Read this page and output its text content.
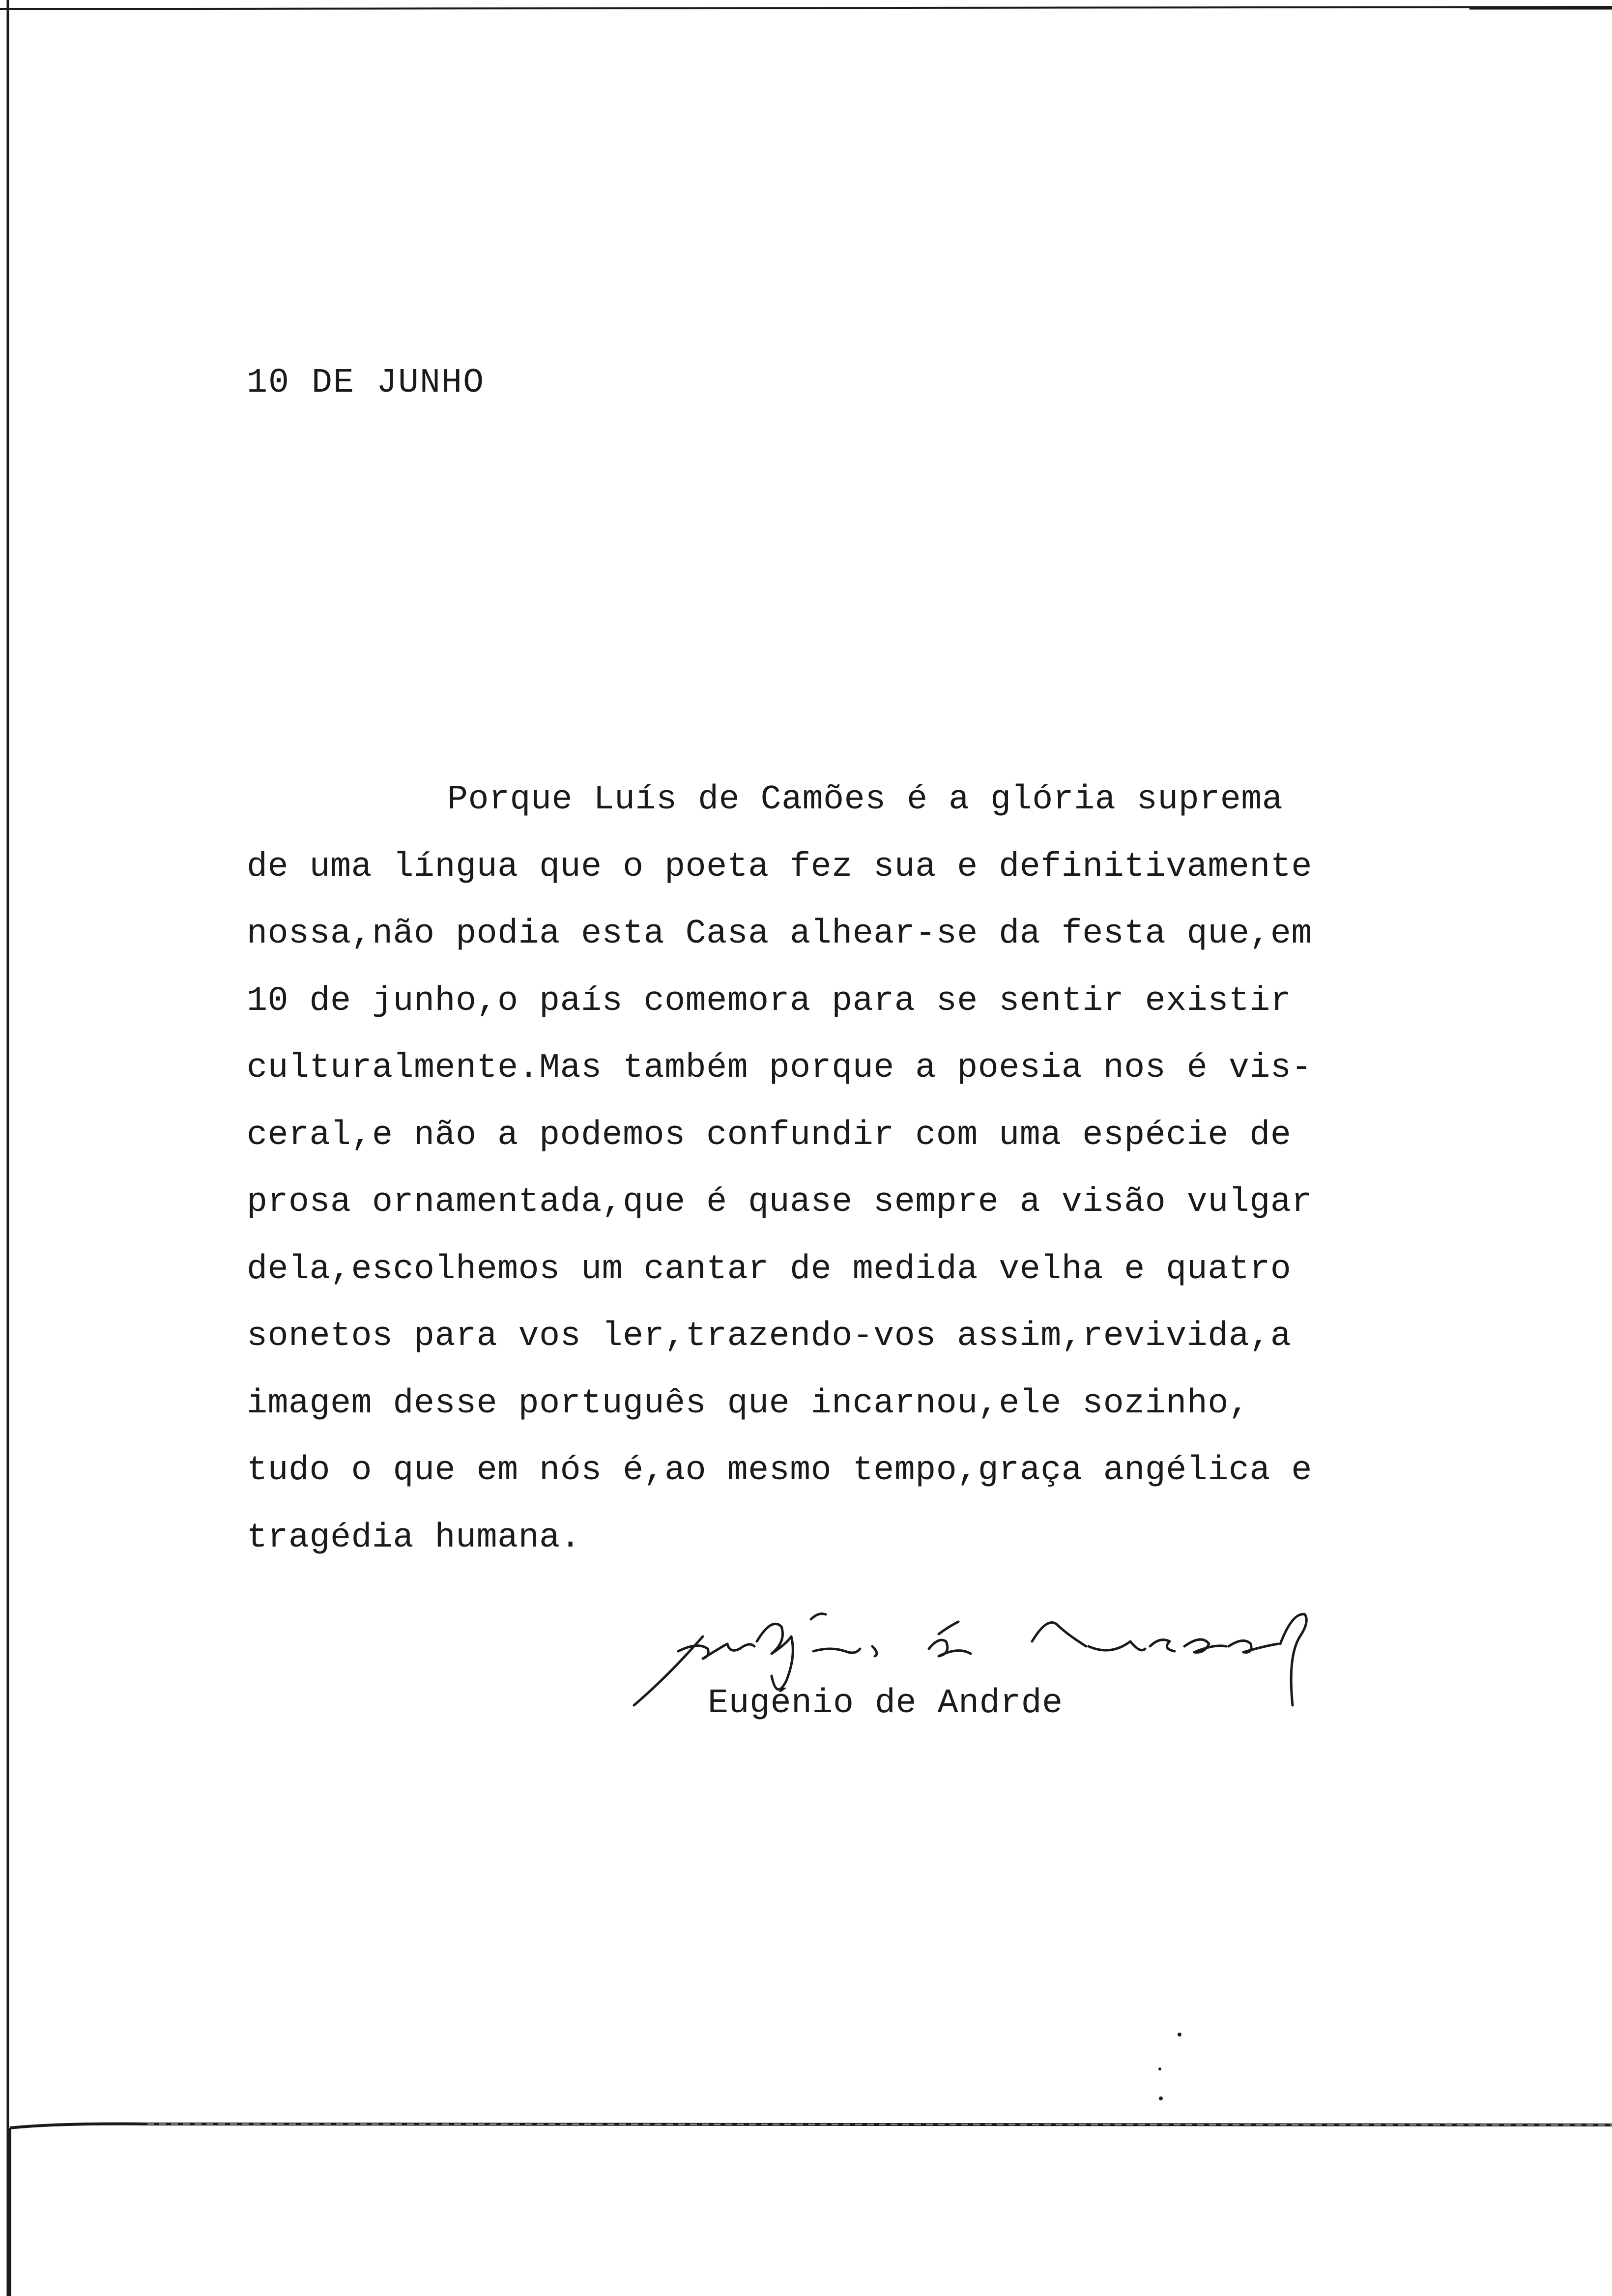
10 DE JUNHO
Porque Luís de Camões é a glória suprema
de uma língua que o poeta fez sua e definitivamente
nossa,não podia esta Casa alhear-se da festa que,em
10 de junho,o país comemora para se sentir existir
culturalmente.Mas também porque a poesia nos é vis-
ceral,e não a podemos confundir com uma espécie de
prosa ornamentada,que é quase sempre a visão vulgar
dela,escolhemos um cantar de medida velha e quatro
sonetos para vos ler,trazendo-vos assim,revivida,a
imagem desse português que incarnou,ele sozinho,
tudo o que em nós é,ao mesmo tempo,graça angélica e
tragédia humana.
Eugénio de Andrde
